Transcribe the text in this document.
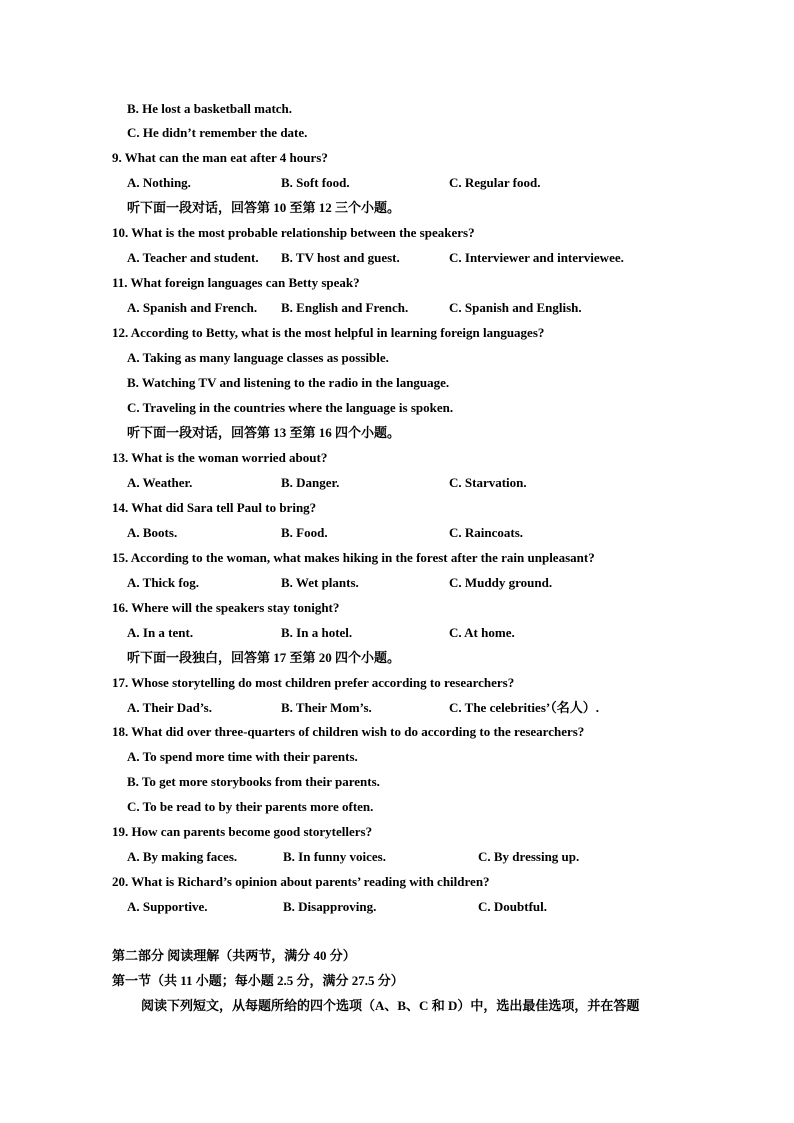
B. He lost a basketball match.
C. He didn’t remember the date.
9. What can the man eat after 4 hours?
A. Nothing.	B. Soft food.	C. Regular food.
听下面一段对话，回答第 10 至第 12 三个小题。
10. What is the most probable relationship between the speakers?
A. Teacher and student. B. TV host and guest.	C. Interviewer and interviewee.
11. What foreign languages can Betty speak?
A. Spanish and French. B. English and French.	C. Spanish and English.
12. According to Betty, what is the most helpful in learning foreign languages?
A. Taking as many language classes as possible.
B. Watching TV and listening to the radio in the language.
C. Traveling in the countries where the language is spoken.
听下面一段对话，回答第 13 至第 16 四个小题。
13. What is the woman worried about?
A. Weather.	B. Danger.	C. Starvation.
14. What did Sara tell Paul to bring?
A. Boots.	B. Food.	C. Raincoats.
15. According to the woman, what makes hiking in the forest after the rain unpleasant?
A. Thick fog.	B. Wet plants.	C. Muddy ground.
16. Where will the speakers stay tonight?
A. In a tent.	B. In a hotel.	C. At home.
听下面一段独白，回答第 17 至第 20 四个小题。
17. Whose storytelling do most children prefer according to researchers?
A. Their Dad’s.	B. Their Mom’s.	C. The celebrities’（名人）.
18. What did over three-quarters of children wish to do according to the researchers?
A. To spend more time with their parents.
B. To get more storybooks from their parents.
C. To be read to by their parents more often.
19. How can parents become good storytellers?
A. By making faces.	B. In funny voices.	C. By dressing up.
20. What is Richard’s opinion about parents’ reading with children?
A. Supportive.	B. Disapproving.	C. Doubtful.
第二部分 阅读理解（共两节，满分 40 分）
第一节（共 11 小题；每小题 2.5 分，满分 27.5 分）
阅读下列短文，从每题所给的四个选项（A、B、C 和 D）中，选出最佳选项，并在答题
